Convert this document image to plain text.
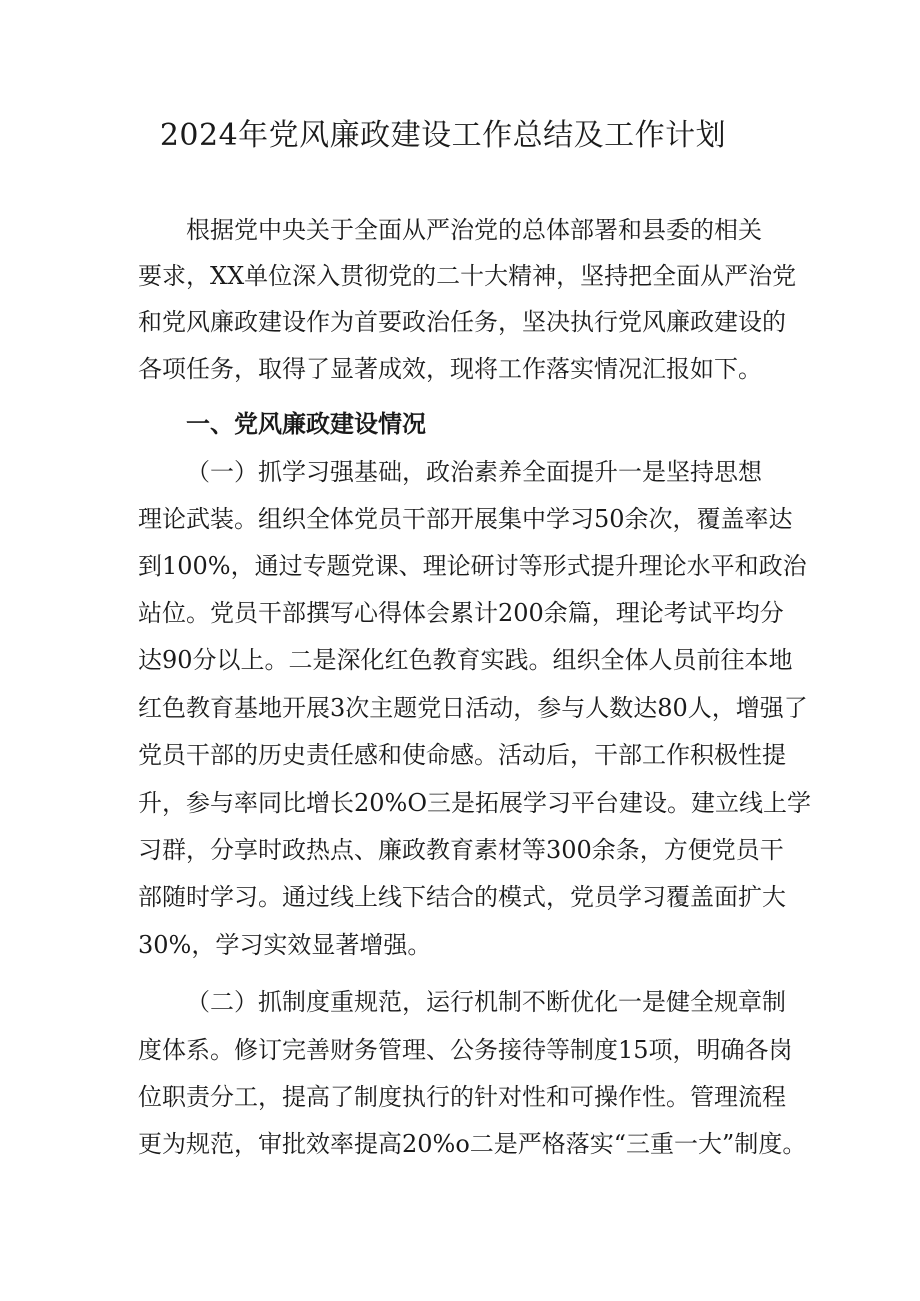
2024年党风廉政建设工作总结及工作计划
根据党中央关于全面从严治党的总体部署和县委的相关
要求，XX单位深入贯彻党的二十大精神，坚持把全面从严治党
和党风廉政建设作为首要政治任务，坚决执行党风廉政建设的
各项任务，取得了显著成效，现将工作落实情况汇报如下。
一、党风廉政建设情况
（一）抓学习强基础，政治素养全面提升一是坚持思想
理论武装。组织全体党员干部开展集中学习50余次，覆盖率达
到100%，通过专题党课、理论研讨等形式提升理论水平和政治
站位。党员干部撰写心得体会累计200余篇，理论考试平均分
达90分以上。二是深化红色教育实践。组织全体人员前往本地
红色教育基地开展3次主题党日活动，参与人数达80人，增强了
党员干部的历史责任感和使命感。活动后，干部工作积极性提
升，参与率同比增长20%O三是拓展学习平台建设。建立线上学
习群，分享时政热点、廉政教育素材等300余条，方便党员干
部随时学习。通过线上线下结合的模式，党员学习覆盖面扩大
30%，学习实效显著增强。
（二）抓制度重规范，运行机制不断优化一是健全规章制
度体系。修订完善财务管理、公务接待等制度15项，明确各岗
位职责分工，提高了制度执行的针对性和可操作性。管理流程
更为规范，审批效率提高20%o二是严格落实“三重一大”制度。
